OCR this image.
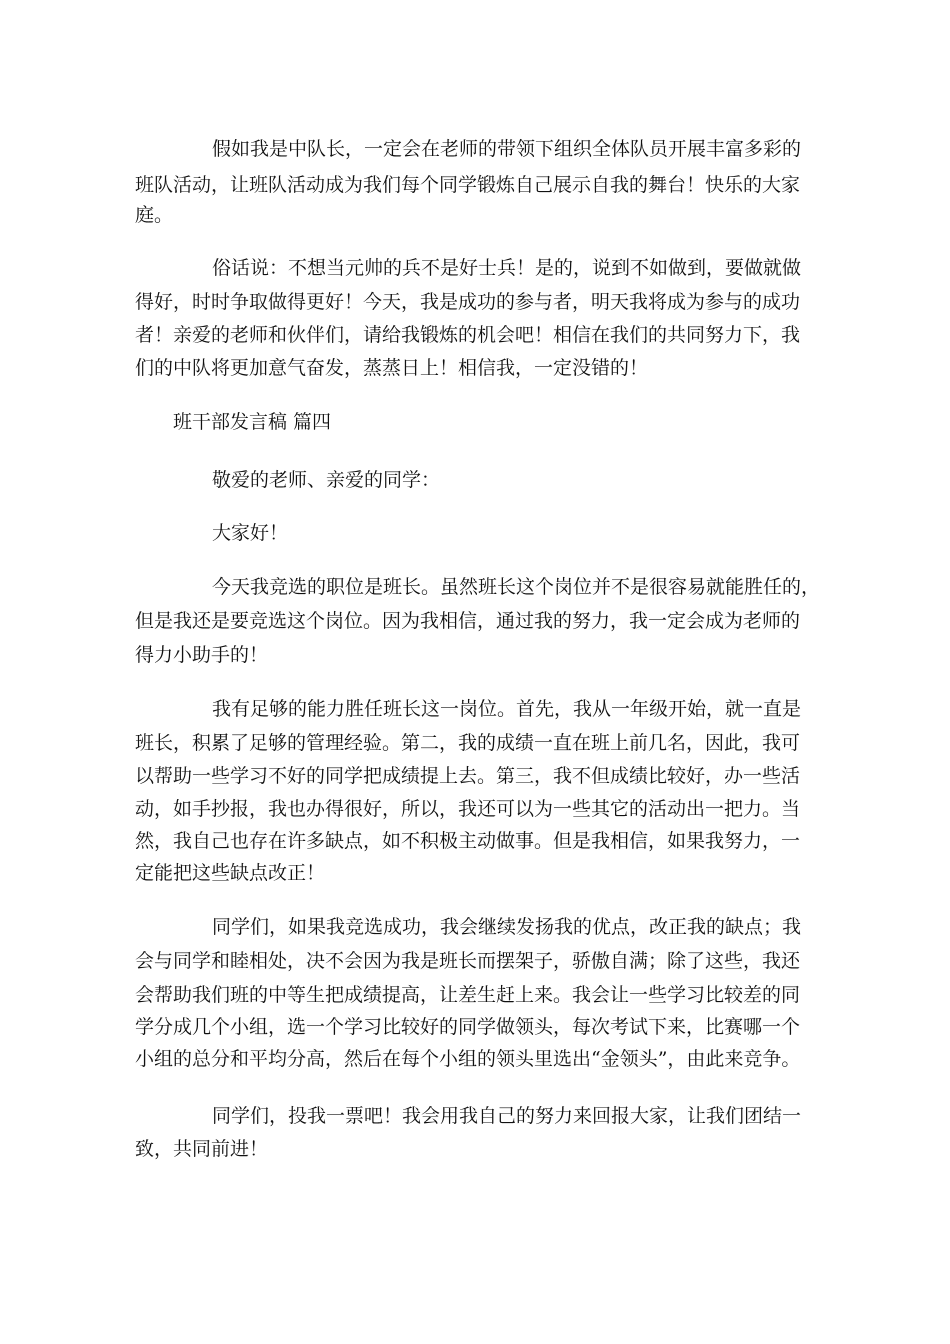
假如我是中队长，一定会在老师的带领下组织全体队员开展丰富多彩的
班队活动，让班队活动成为我们每个同学锻炼自己展示自我的舞台！快乐的大家
庭。
俗话说：不想当元帅的兵不是好士兵！是的，说到不如做到，要做就做
得好，时时争取做得更好！今天，我是成功的参与者，明天我将成为参与的成功
者！亲爱的老师和伙伴们，请给我锻炼的机会吧！相信在我们的共同努力下，我
们的中队将更加意气奋发，蒸蒸日上！相信我，一定没错的！
班干部发言稿 篇四
敬爱的老师、亲爱的同学：
大家好！
今天我竞选的职位是班长。虽然班长这个岗位并不是很容易就能胜任的，
但是我还是要竞选这个岗位。因为我相信，通过我的努力，我一定会成为老师的
得力小助手的！
我有足够的能力胜任班长这一岗位。首先，我从一年级开始，就一直是
班长，积累了足够的管理经验。第二，我的成绩一直在班上前几名，因此，我可
以帮助一些学习不好的同学把成绩提上去。第三，我不但成绩比较好，办一些活
动，如手抄报，我也办得很好，所以，我还可以为一些其它的活动出一把力。当
然，我自己也存在许多缺点，如不积极主动做事。但是我相信，如果我努力，一
定能把这些缺点改正！
同学们，如果我竞选成功，我会继续发扬我的优点，改正我的缺点；我
会与同学和睦相处，决不会因为我是班长而摆架子，骄傲自满；除了这些，我还
会帮助我们班的中等生把成绩提高，让差生赶上来。我会让一些学习比较差的同
学分成几个小组，选一个学习比较好的同学做领头，每次考试下来，比赛哪一个
小组的总分和平均分高，然后在每个小组的领头里选出“金领头”，由此来竞争。
同学们，投我一票吧！我会用我自己的努力来回报大家，让我们团结一
致，共同前进！
